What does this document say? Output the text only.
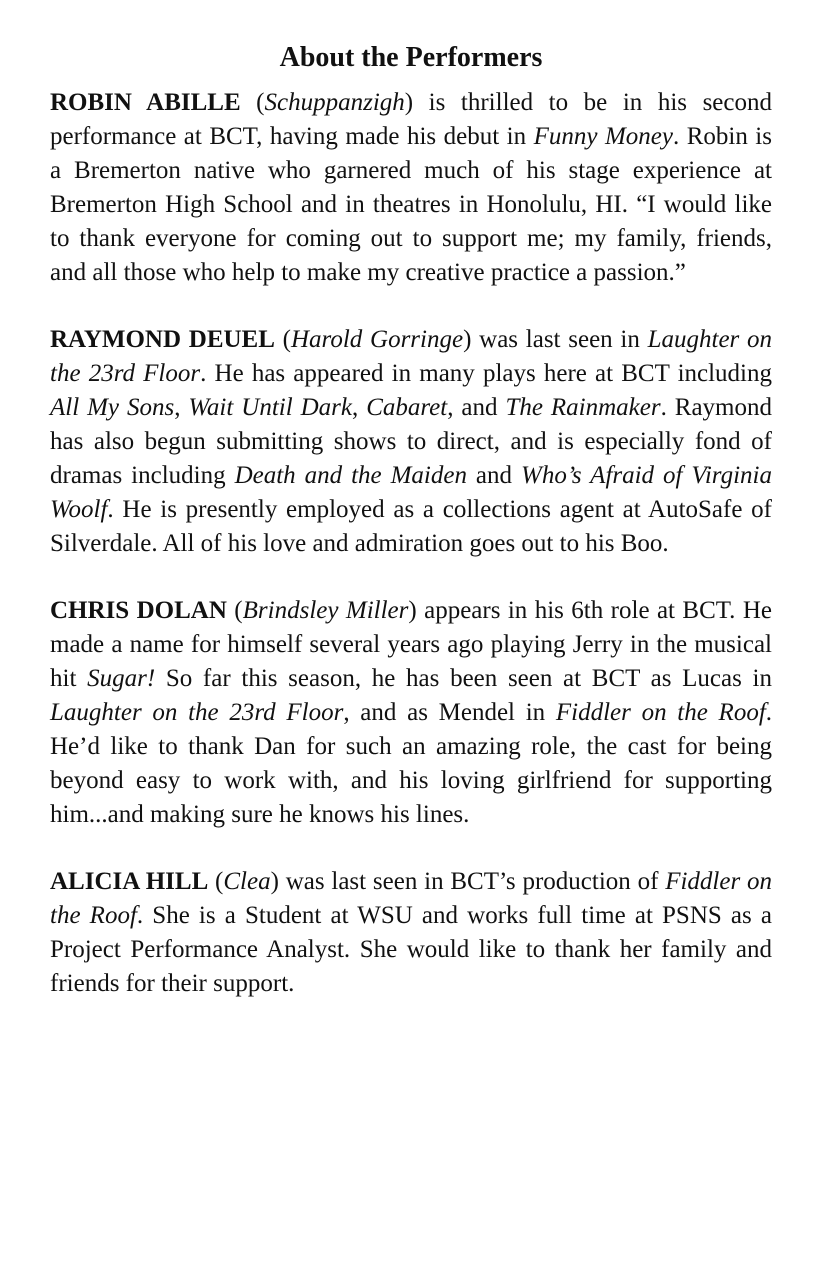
About the Performers

ROBIN ABILLE (Schuppanzigh) is thrilled to be in his second performance at BCT, having made his debut in Funny Money. Robin is a Bremerton native who garnered much of his stage experience at Bremerton High School and in theatres in Honolulu, HI. “I would like to thank everyone for coming out to support me; my family, friends, and all those who help to make my creative practice a passion.”

RAYMOND DEUEL (Harold Gorringe) was last seen in Laughter on the 23rd Floor. He has appeared in many plays here at BCT including All My Sons, Wait Until Dark, Cabaret, and The Rainmaker. Raymond has also begun submitting shows to direct, and is especially fond of dramas including Death and the Maiden and Who’s Afraid of Virginia Woolf. He is presently employed as a collections agent at AutoSafe of Silverdale. All of his love and admiration goes out to his Boo.

CHRIS DOLAN (Brindsley Miller) appears in his 6th role at BCT. He made a name for himself several years ago playing Jerry in the musical hit Sugar! So far this season, he has been seen at BCT as Lucas in Laughter on the 23rd Floor, and as Mendel in Fiddler on the Roof. He’d like to thank Dan for such an amazing role, the cast for being beyond easy to work with, and his loving girlfriend for supporting him...and making sure he knows his lines.

ALICIA HILL (Clea) was last seen in BCT’s production of Fiddler on the Roof. She is a Student at WSU and works full time at PSNS as a Project Performance Analyst. She would like to thank her family and friends for their support.
